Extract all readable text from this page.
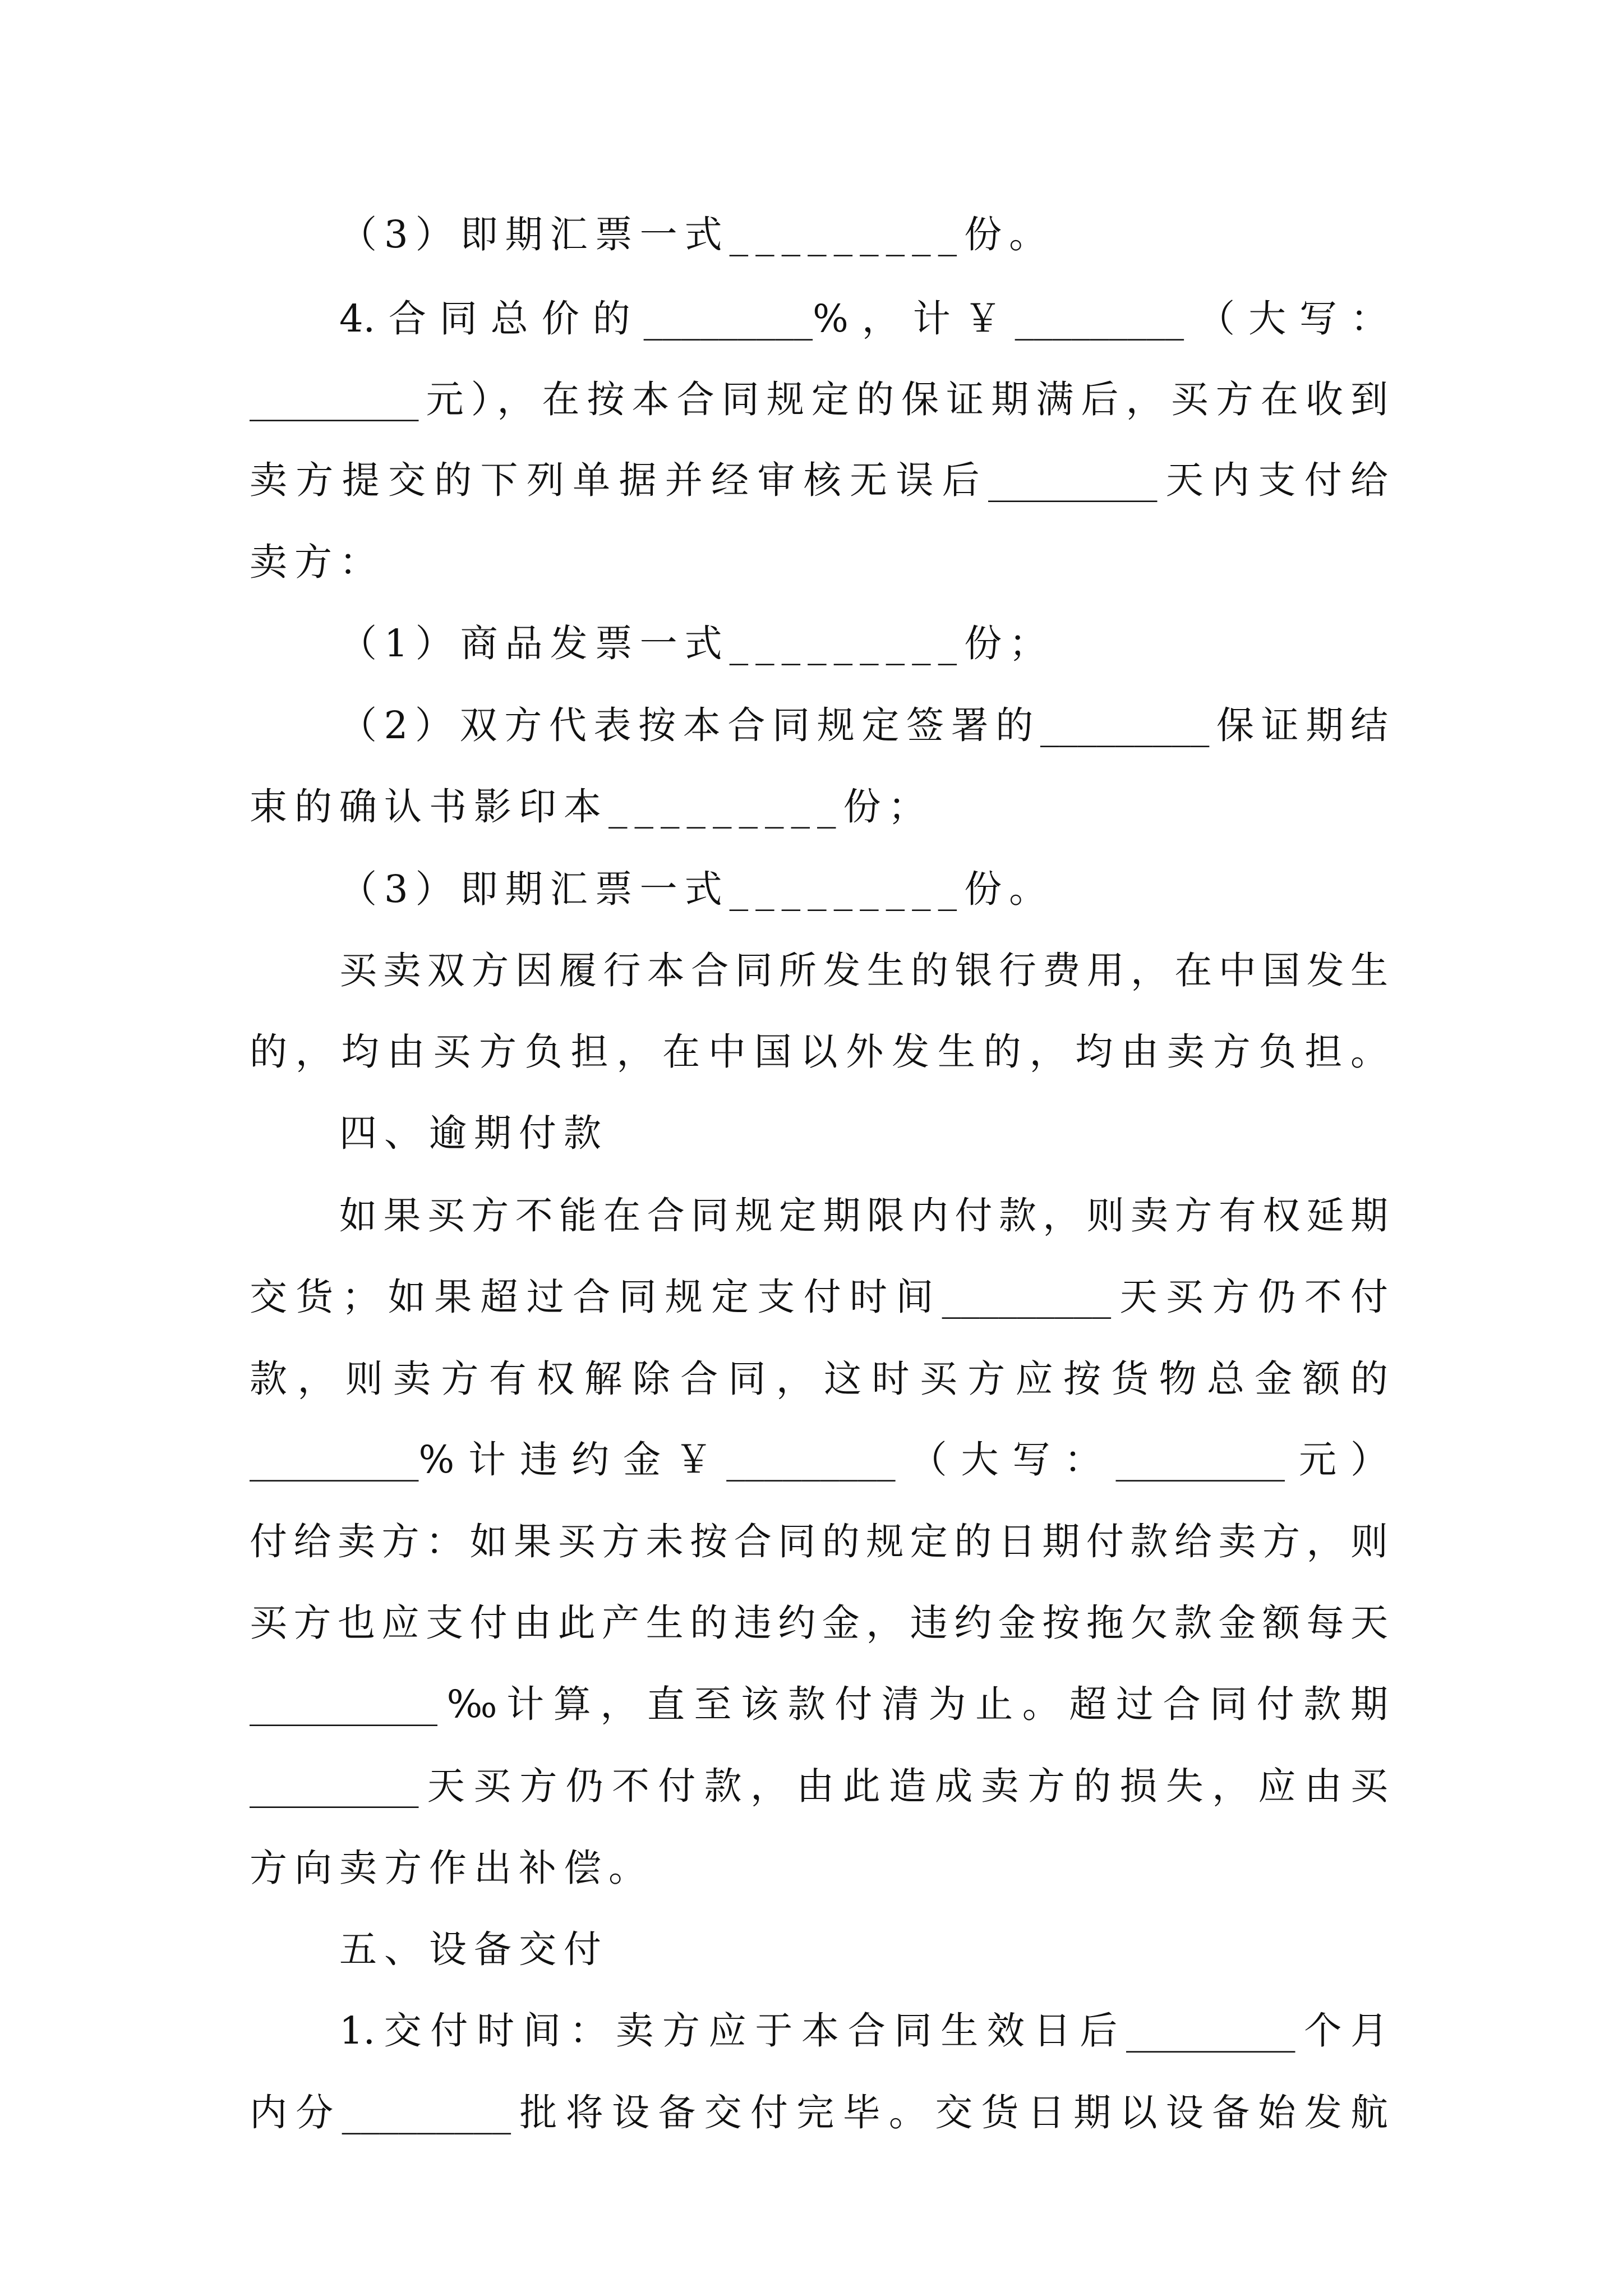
（3）即期汇票一式_________份。
4.合同总价的_________%，计￥_________（大写：
_________元），在按本合同规定的保证期满后，买方在收到
卖方提交的下列单据并经审核无误后_________天内支付给
卖方：
（1）商品发票一式_________份；
（2）双方代表按本合同规定签署的_________保证期结
束的确认书影印本_________份；
（3）即期汇票一式_________份。
买卖双方因履行本合同所发生的银行费用，在中国发生
的，均由买方负担，在中国以外发生的，均由卖方负担。
四、逾期付款
如果买方不能在合同规定期限内付款，则卖方有权延期
交货；如果超过合同规定支付时间_________天买方仍不付
款，则卖方有权解除合同，这时买方应按货物总金额的
_________%计违约金￥_________（大写：_________元）
付给卖方：如果买方未按合同的规定的日期付款给卖方，则
买方也应支付由此产生的违约金，违约金按拖欠款金额每天
__________‰计算，直至该款付清为止。超过合同付款期
_________天买方仍不付款，由此造成卖方的损失，应由买
方向卖方作出补偿。
五、设备交付
1.交付时间：卖方应于本合同生效日后_________个月
内分_________批将设备交付完毕。交货日期以设备始发航
